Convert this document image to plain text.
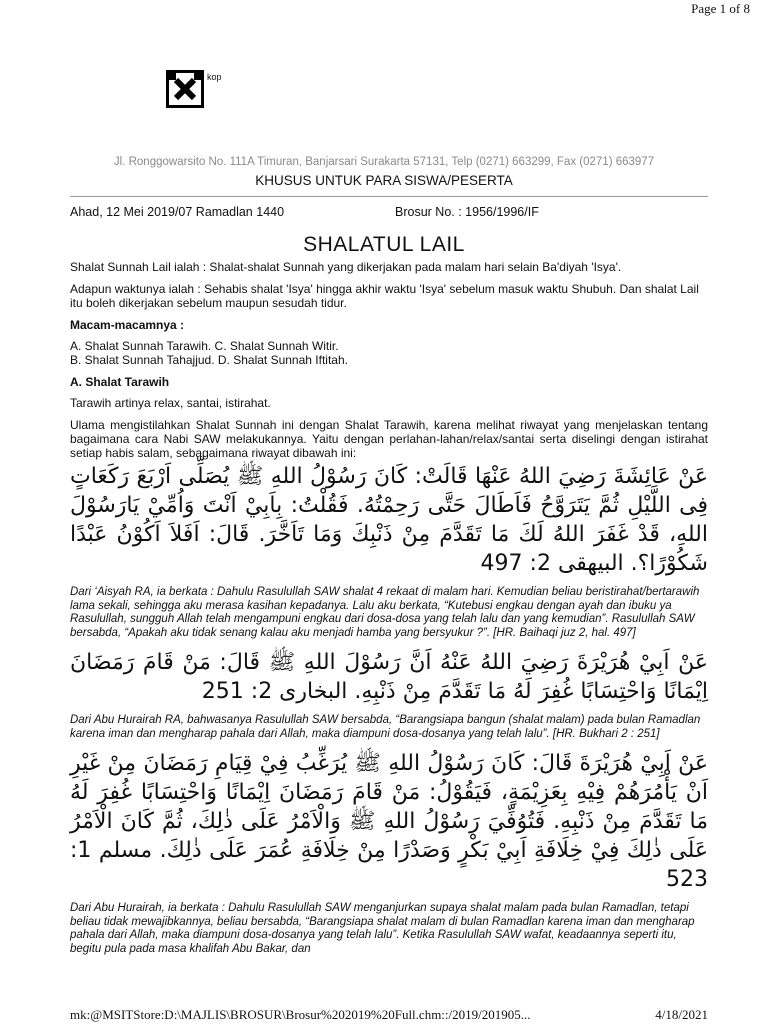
Page 1 of 8
kop
Jl. Ronggowarsito No. 111A Timuran, Banjarsari Surakarta 57131, Telp (0271) 663299, Fax (0271) 663977
KHUSUS UNTUK PARA SISWA/PESERTA
Ahad, 12 Mei 2019/07 Ramadlan 1440	Brosur No. : 1956/1996/IF
SHALATUL LAIL

Shalat Sunnah Lail ialah : Shalat-shalat Sunnah yang dikerjakan pada malam hari selain Ba'diyah 'Isya'.

Adapun waktunya ialah : Sehabis shalat 'Isya' hingga akhir waktu 'Isya' sebelum masuk waktu Shubuh. Dan shalat Lail itu boleh dikerjakan sebelum maupun sesudah tidur.

Macam-macamnya :

A. Shalat Sunnah Tarawih. C. Shalat Sunnah Witir.
B. Shalat Sunnah Tahajjud. D. Shalat Sunnah Iftitah.

A. Shalat Tarawih

Tarawih artinya relax, santai, istirahat.

Ulama mengistilahkan Shalat Sunnah ini dengan Shalat Tarawih, karena melihat riwayat yang menjelaskan tentang bagaimana cara Nabi SAW melakukannya. Yaitu dengan perlahan-lahan/relax/santai serta diselingi dengan istirahat setiap habis salam, sebagaimana riwayat dibawah ini:

عَنْ عَائِشَةَ رَضِيَ اللهُ عَنْهَا قَالَتْ: كَانَ رَسُوْلُ اللهِ ﷺ يُصَلِّى اَرْبَعَ رَكَعَاتٍ فِى اللَّيْلِ ثُمَّ يَتَرَوَّحُ فَاَطَالَ حَتَّى رَحِمْتُهُ. فَقُلْتُ: بِاَبِيْ اَنْتَ وَاُمِّيْ يَارَسُوْلَ اللهِ، قَدْ غَفَرَ اللهُ لَكَ مَا تَقَدَّمَ مِنْ ذَنْبِكَ وَمَا تَاَخَّرَ. قَالَ: اَفَلاَ اَكُوْنُ عَبْدًا شَكُوْرًا؟. البيهقى 2: 497

Dari ‘Aisyah RA, ia berkata : Dahulu Rasulullah SAW shalat 4 rekaat di malam hari. Kemudian beliau beristirahat/bertarawih lama sekali, sehingga aku merasa kasihan kepadanya. Lalu aku berkata, “Kutebusi engkau dengan ayah dan ibuku ya Rasulullah, sungguh Allah telah mengampuni engkau dari dosa-dosa yang telah lalu dan yang kemudian”. Rasulullah SAW bersabda, “Apakah aku tidak senang kalau aku menjadi hamba yang bersyukur ?”. [HR. Baihaqi juz 2, hal. 497]

عَنْ اَبِيْ هُرَيْرَةَ رَضِيَ اللهُ عَنْهُ اَنَّ رَسُوْلَ اللهِ ﷺ قَالَ: مَنْ قَامَ رَمَضَانَ اِيْمَانًا وَاحْتِسَابًا غُفِرَ لَهُ مَا تَقَدَّمَ مِنْ ذَنْبِهِ. البخارى 2: 251

Dari Abu Hurairah RA, bahwasanya Rasulullah SAW bersabda, “Barangsiapa bangun (shalat malam) pada bulan Ramadlan karena iman dan mengharap pahala dari Allah, maka diampuni dosa-dosanya yang telah lalu”. [HR. Bukhari 2 : 251]

عَنْ اَبِيْ هُرَيْرَةَ قَالَ: كَانَ رَسُوْلُ اللهِ ﷺ يُرَغِّبُ فِيْ قِيَامِ رَمَضَانَ مِنْ غَيْرِ اَنْ يَأْمُرَهُمْ فِيْهِ بِعَزِيْمَةٍ، فَيَقُوْلُ: مَنْ قَامَ رَمَضَانَ اِيْمَانًا وَاحْتِسَابًا غُفِرَ لَهُ مَا تَقَدَّمَ مِنْ ذَنْبِهِ. فَتُوُفِّيَ رَسُوْلُ اللهِ ﷺ وَالْاَمْرُ عَلَى ذٰلِكَ، ثُمَّ كَانَ الْاَمْرُ عَلَى ذٰلِكَ فِيْ خِلَافَةِ اَبِيْ بَكْرٍ وَصَدْرًا مِنْ خِلَافَةِ عُمَرَ عَلَى ذٰلِكَ. مسلم 1: 523

Dari Abu Hurairah, ia berkata : Dahulu Rasulullah SAW menganjurkan supaya shalat malam pada bulan Ramadlan, tetapi beliau tidak mewajibkannya, beliau bersabda, “Barangsiapa shalat malam di bulan Ramadlan karena iman dan mengharap pahala dari Allah, maka diampuni dosa-dosanya yang telah lalu”. Ketika Rasulullah SAW wafat, keadaannya seperti itu, begitu pula pada masa khalifah Abu Bakar, dan

mk:@MSITStore:D:\MAJLIS\BROSUR\Brosur%202019%20Full.chm::/2019/201905...	4/18/2021
